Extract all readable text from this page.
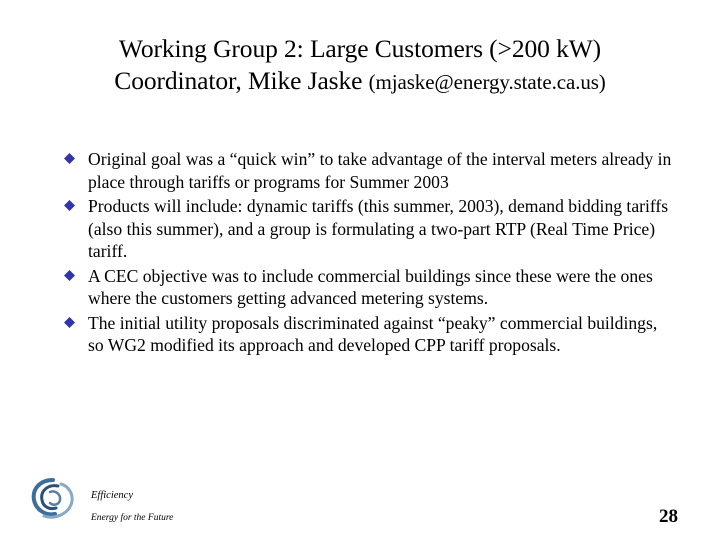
Working Group 2: Large Customers (>200 kW)
Coordinator, Mike Jaske (mjaske@energy.state.ca.us)
Original goal was a “quick win” to take advantage of the interval meters already in place through tariffs or programs for Summer 2003
Products will include: dynamic tariffs (this summer, 2003), demand bidding tariffs (also this summer), and a group is formulating a two-part RTP (Real Time Price) tariff.
A CEC objective was to include commercial buildings since these were the ones where the customers getting advanced metering systems.
The initial utility proposals discriminated against “peaky” commercial buildings, so WG2 modified its approach and developed CPP tariff proposals.
Efficiency
Energy for the Future	28
